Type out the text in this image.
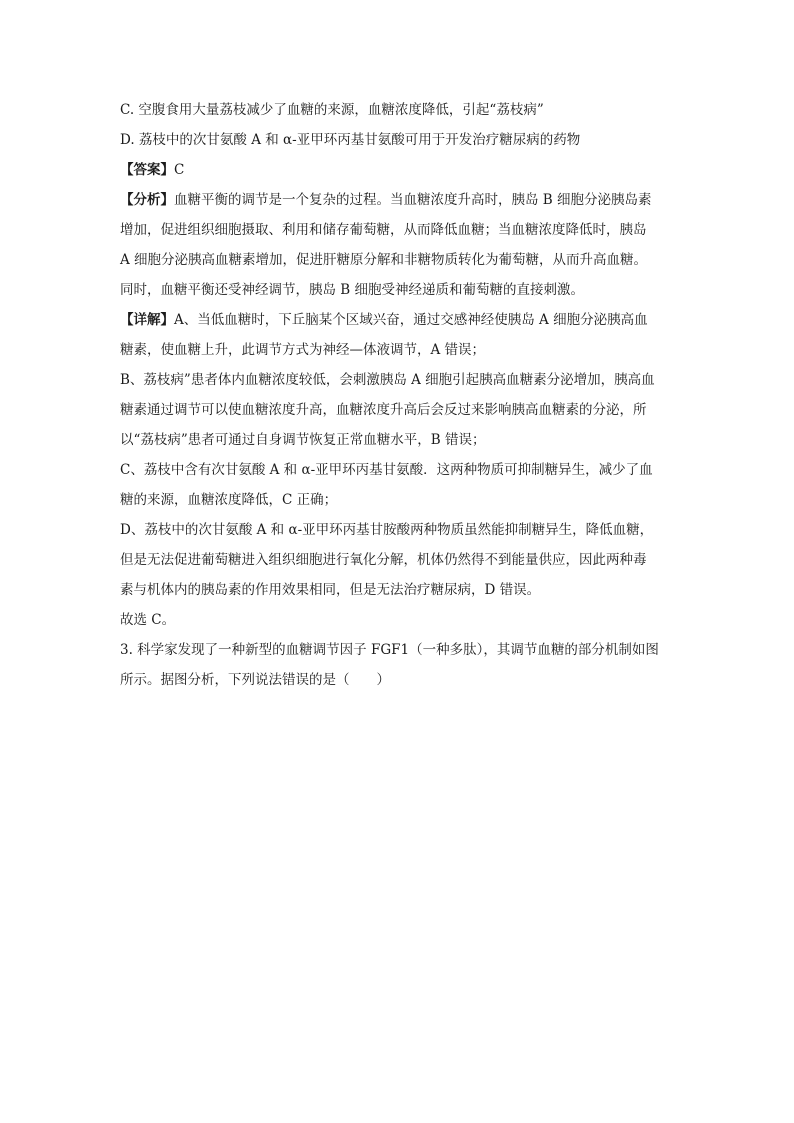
C. 空腹食用大量荔枝减少了血糖的来源，血糖浓度降低，引起“荔枝病”
D. 荔枝中的次甘氨酸 A 和 α-亚甲环丙基甘氨酸可用于开发治疗糖尿病的药物
【答案】C
【分析】血糖平衡的调节是一个复杂的过程。当血糖浓度升高时，胰岛 B 细胞分泌胰岛素
增加，促进组织细胞摄取、利用和储存葡萄糖，从而降低血糖；当血糖浓度降低时，胰岛
A 细胞分泌胰高血糖素增加，促进肝糖原分解和非糖物质转化为葡萄糖，从而升高血糖。
同时，血糖平衡还受神经调节，胰岛 B 细胞受神经递质和葡萄糖的直接刺激。
【详解】A、当低血糖时，下丘脑某个区域兴奋，通过交感神经使胰岛 A 细胞分泌胰高血
糖素，使血糖上升，此调节方式为神经—体液调节，A 错误；
B、荔枝病”患者体内血糖浓度较低，会刺激胰岛 A 细胞引起胰高血糖素分泌增加，胰高血
糖素通过调节可以使血糖浓度升高，血糖浓度升高后会反过来影响胰高血糖素的分泌，所
以“荔枝病”患者可通过自身调节恢复正常血糖水平，B 错误；
C、荔枝中含有次甘氨酸 A 和 α-亚甲环丙基甘氨酸．这两种物质可抑制糖异生，减少了血
糖的来源，血糖浓度降低，C 正确；
D、荔枝中的次甘氨酸 A 和 α-亚甲环丙基甘胺酸两种物质虽然能抑制糖异生，降低血糖，
但是无法促进葡萄糖进入组织细胞进行氧化分解，机体仍然得不到能量供应，因此两种毒
素与机体内的胰岛素的作用效果相同，但是无法治疗糖尿病，D 错误。
故选 C。
3. 科学家发现了一种新型的血糖调节因子 FGF1（一种多肽），其调节血糖的部分机制如图
所示。据图分析，下列说法错误的是（　　）
